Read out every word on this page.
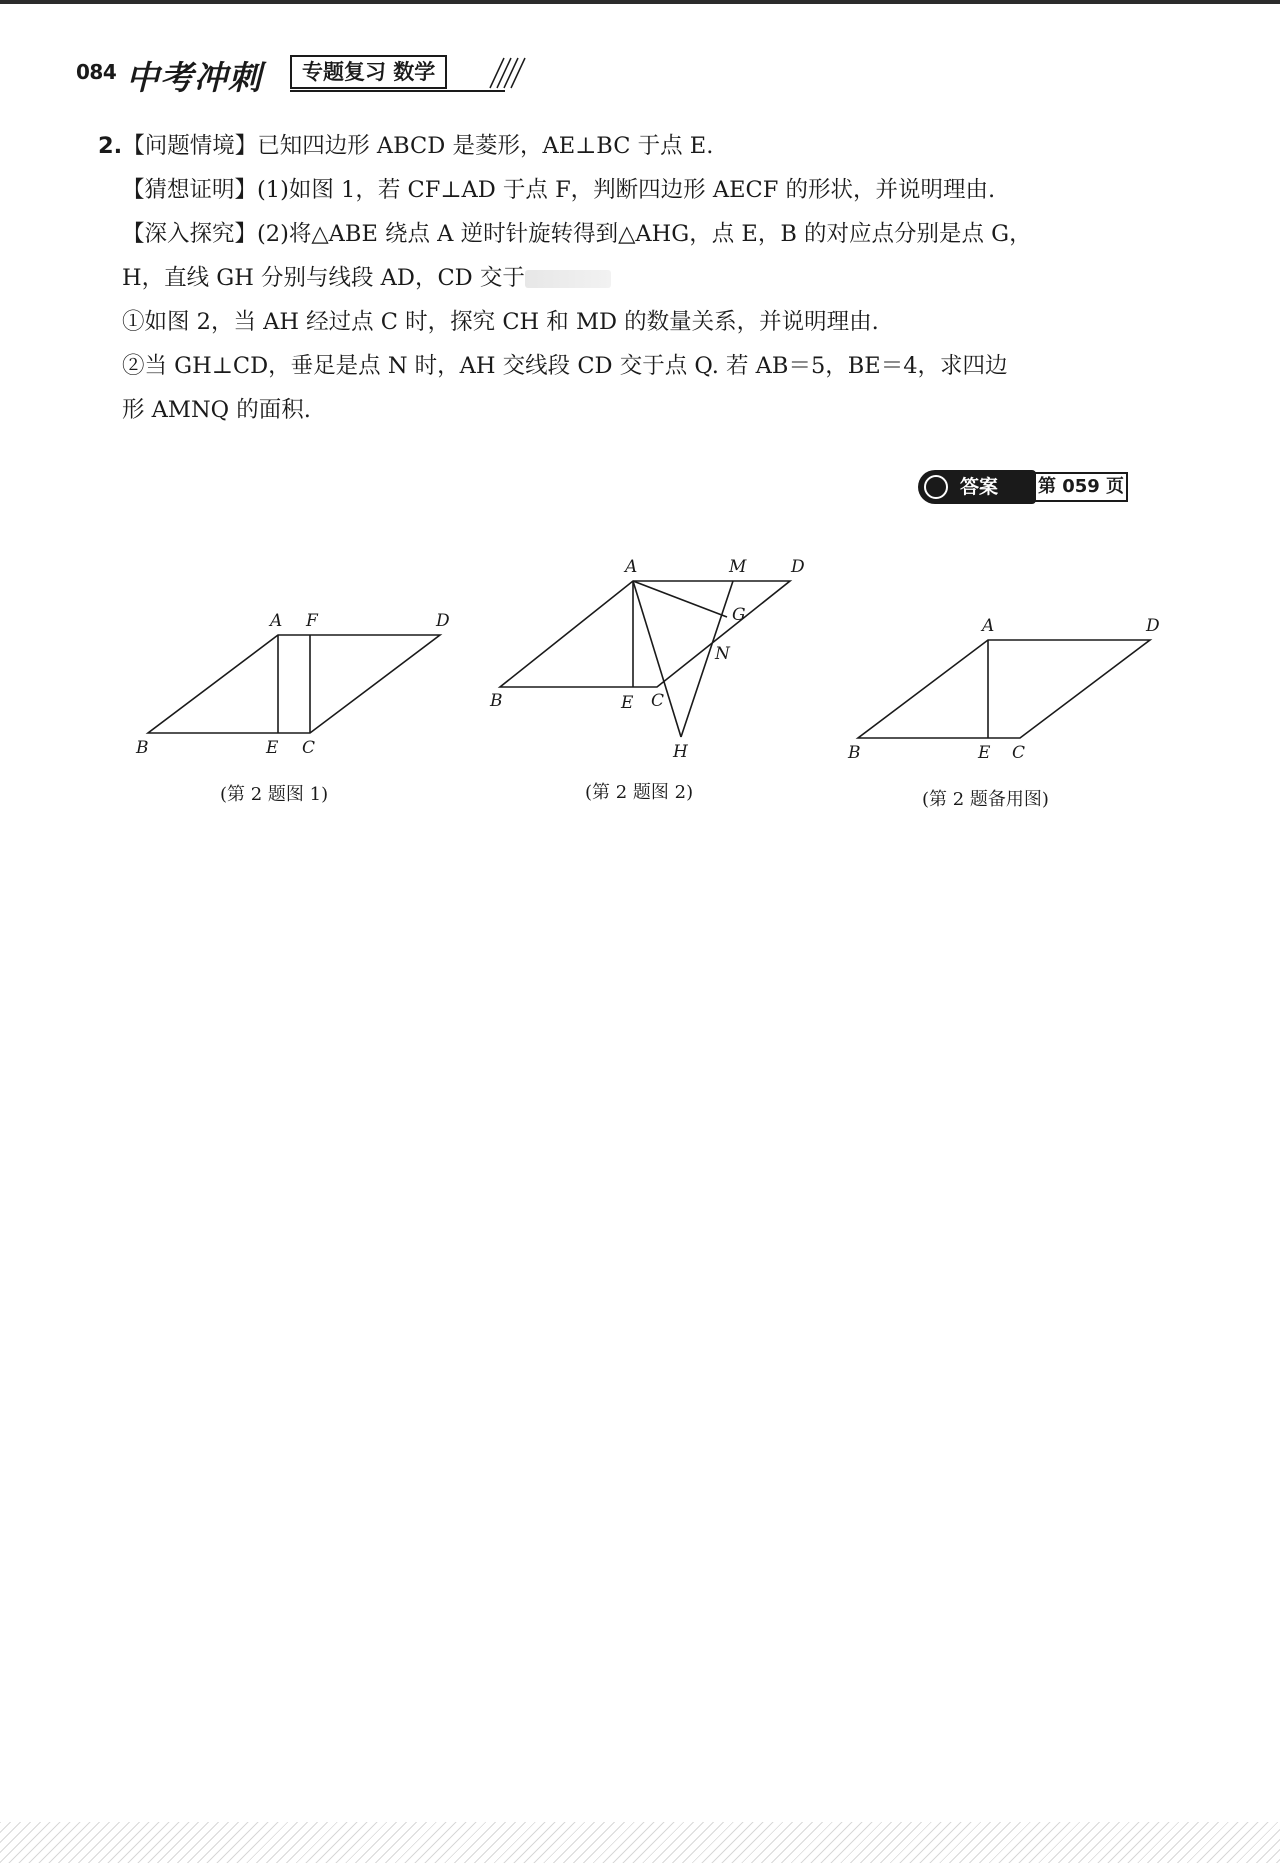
084 中考冲刺	专题复习 数学

2.【问题情境】已知四边形 ABCD 是菱形，AE⊥BC 于点 E.

【猜想证明】(1)如图 1，若 CF⊥AD 于点 F，判断四边形 AECF 的形状，并说明理由.

【深入探究】(2)将△ABE 绕点 A 逆时针旋转得到△AHG，点 E，B 的对应点分别是点 G，

H，直线 GH 分别与线段 AD，CD 交于

①如图 2，当 AH 经过点 C 时，探究 CH 和 MD 的数量关系，并说明理由.

②当 GH⊥CD，垂足是点 N 时，AH 交线段 CD 交于点 Q. 若 AB＝5，BE＝4，求四边

形 AMNQ 的面积.

第 059 页
答案
A F	D
B	E C
(第 2 题图 1)
A	M	D
G
N
B	E C
H
(第 2 题图 2)
A	D
B	E C
(第 2 题备用图)
